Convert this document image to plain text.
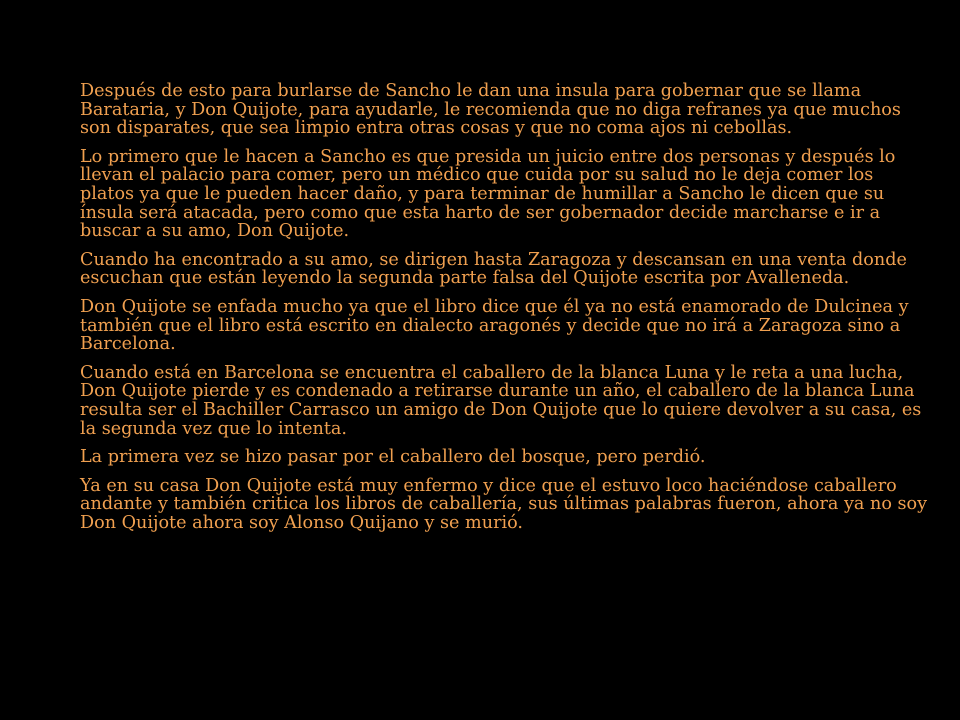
Después de esto para burlarse de Sancho le dan una insula para gobernar que se llama Barataria, y Don Quijote, para ayudarle, le recomienda que no diga refranes ya que muchos son disparates, que sea limpio entra otras cosas y que no coma ajos ni cebollas.

Lo primero que le hacen a Sancho es que presida un juicio entre dos personas y después lo llevan el palacio para comer, pero un médico que cuida por su salud no le deja comer los platos ya que le pueden hacer daño, y para terminar de humillar a Sancho le dicen que su ínsula será atacada, pero como que esta harto de ser gobernador decide marcharse e ir a buscar a su amo, Don Quijote.

Cuando ha encontrado a su amo, se dirigen hasta Zaragoza y descansan en una venta donde escuchan que están leyendo la segunda parte falsa del Quijote escrita por Avalleneda.

Don Quijote se enfada mucho ya que el libro dice que él ya no está enamorado de Dulcinea y también que el libro está escrito en dialecto aragonés y decide que no irá a Zaragoza sino a Barcelona.

Cuando está en Barcelona se encuentra el caballero de la blanca Luna y le reta a una lucha, Don Quijote pierde y es condenado a retirarse durante un año, el caballero de la blanca Luna resulta ser el Bachiller Carrasco un amigo de Don Quijote que lo quiere devolver a su casa, es la segunda vez que lo intenta.

La primera vez se hizo pasar por el caballero del bosque, pero perdió.

Ya en su casa Don Quijote está muy enfermo y dice que el estuvo loco haciéndose caballero andante y también critica los libros de caballería, sus últimas palabras fueron, ahora ya no soy Don Quijote ahora soy Alonso Quijano y se murió.
